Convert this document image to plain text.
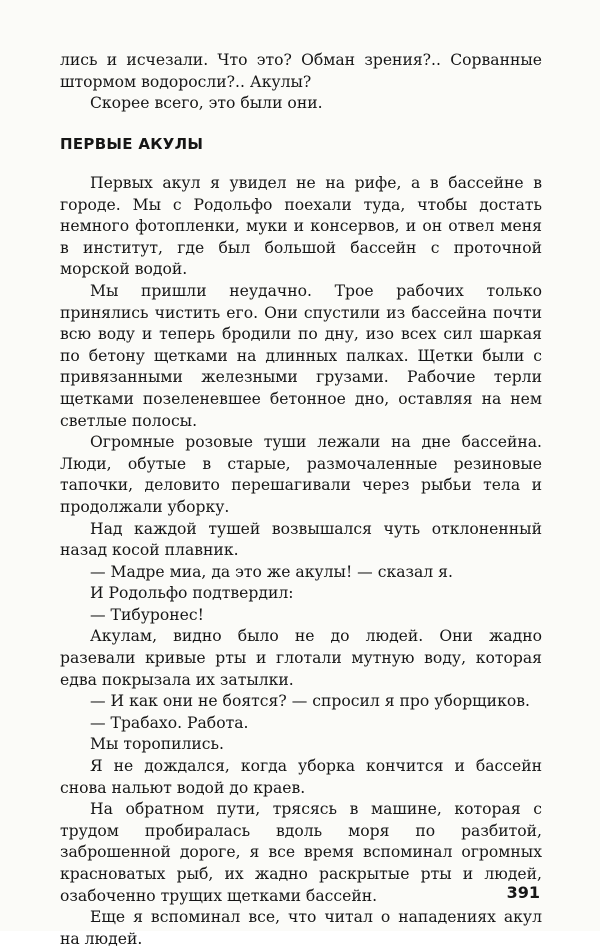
лись и исчезали. Что это? Обман зрения?.. Сорванные штормом водоросли?.. Акулы?

Скорее всего, это были они.

ПЕРВЫЕ АКУЛЫ

Первых акул я увидел не на рифе, а в бассейне в городе. Мы с Родольфо поехали туда, чтобы достать немного фотопленки, муки и консервов, и он отвел меня в институт, где был большой бассейн с проточной морской водой.

Мы пришли неудачно. Трое рабочих только принялись чистить его. Они спустили из бассейна почти всю воду и теперь бродили по дну, изо всех сил шаркая по бетону щетками на длинных палках. Щетки были с привязанными железными грузами. Рабочие терли щетками позеленевшее бетонное дно, оставляя на нем светлые полосы.

Огромные розовые туши лежали на дне бассейна. Люди, обутые в старые, размочаленные резиновые тапочки, деловито перешагивали через рыбьи тела и продолжали уборку.

Над каждой тушей возвышался чуть отклоненный назад косой плавник.

— Мадре миа, да это же акулы! — сказал я.

И Родольфо подтвердил:

— Тибуронес!

Акулам, видно было не до людей. Они жадно разевали кривые рты и глотали мутную воду, которая едва покрызала их затылки.

— И как они не боятся? — спросил я про уборщиков.

— Трабахо. Работа.

Мы торопились.

Я не дождался, когда уборка кончится и бассейн снова нальют водой до краев.

На обратном пути, трясясь в машине, которая с трудом пробиралась вдоль моря по разбитой, заброшенной дороге, я все время вспоминал огромных красноватых рыб, их жадно раскрытые рты и людей, озабоченно трущих щетками бассейн.

Еще я вспоминал все, что читал о нападениях акул на людей.

391
